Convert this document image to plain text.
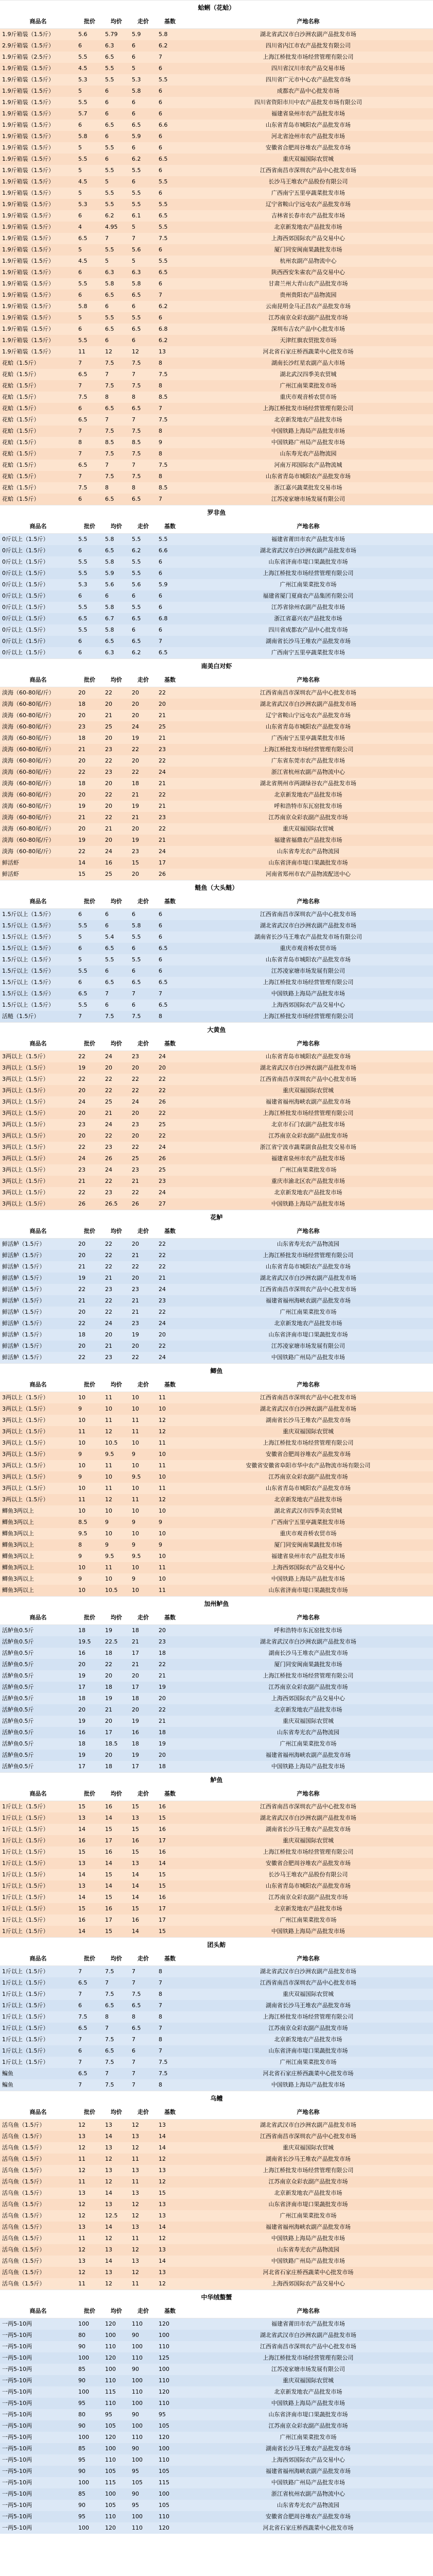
蛤蜊（花蛤）
商品名	批价	均价	走价	基数	产地名称
1.9斤箱装（1.5斤）	5.6	5.79	5.9	5.8	湖北省武汉市白沙洲农副产品批发市场
2.9斤箱装（1.5斤）	6	6.3	6	6.2	四川省内江市农产品批发有限公司
1.9斤箱装（2.5斤）	5.5	6.5	6	7	上海江桥批发市场经营管理有限公司
1.9斤箱装（1.5斤）	4.5	5.5	5	6	四川省汉川市农产品交易市场
1.9斤箱装（1.5斤）	5.3	5.5	5.3	5.5	四川省广元市中心农产品批发市场
1.9斤箱装（1.5斤）	5	6	5.8	6	成都农产品中心批发市场
1.9斤箱装（1.5斤）	5.5	6	6	6	四川省资阳市川中农产品批发市场有限公司
1.9斤箱装（1.5斤）	5.7	6	6	6	福建省泉州市农产品批发市场
1.9斤箱装（1.5斤）	6	6.5	6.5	6.6	山东省青岛市城阳农产品批发市场
1.9斤箱装（1.5斤）	5.8	6	5.9	6	河北省沧州市农产品批发市场
1.9斤箱装（1.5斤）	5	5.5	6	6	安徽省合肥周谷堆农产品批发市场
1.9斤箱装（1.5斤）	5.5	6	6.2	6.5	重庆双福国际农贸城
1.9斤箱装（1.5斤）	5	5.5	5.5	6	江西省南昌市深圳农产品中心批发市场
1.9斤箱装（1.5斤）	4.5	5	6	5.5	长沙马王堆农产品股份有限公司
1.9斤箱装（1.5斤）	5	5.5	5.5	6	广西南宁五里亭蔬菜批发市场
1.9斤箱装（1.5斤）	5.3	5.5	5.5	5.5	辽宁省鞍山宁远屯农产品批发市场
1.9斤箱装（1.5斤）	6	6.2	6.1	6.5	吉林省长春市农产品批发市场
1.9斤箱装（1.5斤）	4	4.95	5	5.5	北京新发地农产品批发市场
1.9斤箱装（1.5斤）	6.5	7	7	7.5	上海西郊国际农产品交易中心
1.9斤箱装（1.5斤）	5	5.5	5.6	6	厦门同安闽南果蔬批发市场
1.9斤箱装（1.5斤）	4.5	5	5	5.5	杭州农副产品物流中心
1.9斤箱装（1.5斤）	6	6.3	6.3	6.5	陕西西安朱雀农产品交易中心
1.9斤箱装（1.5斤）	5.5	5.8	5.8	6	甘肃兰州大青山农产品批发市场
1.9斤箱装（1.5斤）	6	6.5	6.5	7	贵州贵阳农产品物流园
1.9斤箱装（1.5斤）	5.8	6	6	6.2	云南昆明金马正昌农产品批发市场
1.9斤箱装（1.5斤）	5	5.5	5.5	6	江苏南京众彩农副产品批发市场
1.9斤箱装（1.5斤）	6	6.5	6.5	6.8	深圳布吉农产品中心批发市场
1.9斤箱装（1.5斤）	5.5	6	6	6.2	天津红旗农贸批发市场
1.9斤箱装（1.5斤）	11	12	12	13	河北省石家庄桥西蔬菜中心批发市场
花蛤（1.5斤）	7	7.5	7.5	8	湖南长沙红星农副产品大市场
花蛤（1.5斤）	6.5	7	7	7.5	湖北武汉四季美农贸城
花蛤（1.5斤）	7	7.5	7.5	8	广州江南果菜批发市场
花蛤（1.5斤）	7.5	8	8	8.5	重庆市观音桥农贸市场
花蛤（1.5斤）	6	6.5	6.5	7	上海江桥批发市场经营管理有限公司
花蛤（1.5斤）	6.5	7	7	7.5	北京新发地农产品批发市场
花蛤（1.5斤）	7	7.5	7.5	8	中国铁路上海局产品批发市场
花蛤（1.5斤）	8	8.5	8.5	9	中国铁路广州局产品批发市场
花蛤（1.5斤）	7	7.5	7.5	8	山东寿光农产品物流园
花蛤（1.5斤）	6.5	7	7	7.5	河南万邦国际农产品物流城
花蛤（1.5斤）	7	7.5	7.5	8	山东省青岛市城阳农产品批发市场
花蛤（1.5斤）	7.5	8	8	8.5	浙江嘉兴蔬菜批发交易市场
花蛤（1.5斤）	6	6.5	6.5	7	江苏凌家塘市场发展有限公司
罗非鱼
商品名	批价	均价	走价	基数	产地名称
0斤以上（1.5斤）	5.5	5.8	5.5	5.5	福建省莆田市农产品批发市场
0斤以上（1.5斤）	6	6.5	6.2	6.6	湖北省武汉市白沙洲农副产品批发市场
0斤以上（1.5斤）	5.5	5.8	5.5	6	山东省济南市堤口果蔬批发市场
0斤以上（1.5斤）	5.5	5.9	5.5	6	上海江桥批发市场经营管理有限公司
0斤以上（1.5斤）	5.3	5.6	5.6	5.9	广州江南果菜批发市场
0斤以上（1.5斤）	6	6	6	6	福建省厦门夏商农产品集团有限公司
0斤以上（1.5斤）	5.5	5.8	5.5	6	江苏省徐州农副产品批发市场
0斤以上（1.5斤）	6.5	6.7	6.5	6.8	浙江省嘉兴农产品批发市场
0斤以上（1.5斤）	5.5	5.8	6	6	四川省成都农产品中心批发市场
0斤以上（1.5斤）	6	6.5	6.5	7	湖南省长沙马王堆农产品批发市场
0斤以上（1.5斤）	6	6.3	6.2	6.5	广西南宁五里亭蔬菜批发市场
南美白对虾
商品名	批价	均价	走价	基数	产地名称
淡海（60-80尾/斤）	20	22	20	22	江西省南昌市深圳农产品中心批发市场
淡海（60-80尾/斤）	18	20	20	20	湖北省武汉市白沙洲农副产品批发市场
淡海（60-80尾/斤）	20	21	20	21	辽宁省鞍山宁远屯农产品批发市场
淡海（60-80尾/斤）	23	25	24	25	山东省青岛市城阳农产品批发市场
淡海（60-80尾/斤）	18	20	19	21	广西南宁五里亭蔬菜批发市场
淡海（60-80尾/斤）	21	23	22	23	上海江桥批发市场经营管理有限公司
淡海（60-80尾/斤）	20	22	20	22	广东省东莞市农产品批发市场
淡海（60-80尾/斤）	22	23	22	24	浙江省杭州农副产品物流中心
淡海（60-80尾/斤）	18	20	18	21	湖北省荆州市两湖绿谷农产品批发市场
淡海（60-80尾/斤）	20	22	21	22	北京新发地农产品批发市场
淡海（60-80尾/斤）	19	20	19	21	呼和浩特市东瓦窑批发市场
淡海（60-80尾/斤）	21	22	21	23	江苏南京众彩农副产品批发市场
淡海（60-80尾/斤）	20	21	20	22	重庆双福国际农贸城
淡海（60-80尾/斤）	19	20	19	21	福建省福鼎农产品批发市场
淡海（60-80尾/斤）	22	24	23	24	山东省寿光农产品物流园
鲜活虾	14	16	15	17	山东省济南市堤口果蔬批发市场
鲜活虾	15	25	20	26	河南省郑州市农产品物流配送中心
鲢鱼（大头鲢）
商品名	批价	均价	走价	基数	产地名称
1.5斤以上（1.5斤）	6	6	6	6	江西省南昌市深圳农产品中心批发市场
1.5斤以上（1.5斤）	5.5	6	5.8	6	湖北省武汉市白沙洲农副产品批发市场
1.5斤以上（1.5斤）	5	5.4	5.5	6	湖南省长沙马王堆农产品批发市场有限公司
1.5斤以上（1.5斤）	6	6.5	6	6.5	重庆市观音桥农贸市场
1.5斤以上（1.5斤）	5	5.5	5.5	6	山东省青岛市城阳农产品批发市场
1.5斤以上（1.5斤）	5.5	6	6	6	江苏凌家塘市场发展有限公司
1.5斤以上（1.5斤）	6	6.5	6.5	6.5	上海江桥批发市场经营管理有限公司
1.5斤以上（1.5斤）	6.5	7	7	7	中国铁路上海局产品批发市场
1.5斤以上（1.5斤）	5.5	6	6	6.5	上海西郊国际农产品交易中心
活鲢（1.5斤）	7	7.5	7.5	8	上海江桥批发市场经营管理有限公司
大黄鱼
商品名	批价	均价	走价	基数	产地名称
3两以上（1.5斤）	22	24	23	24	山东省青岛市城阳农产品批发市场
3两以上（1.5斤）	19	20	20	20	湖北省武汉市白沙洲农副产品批发市场
3两以上（1.5斤）	22	22	22	22	江西省南昌市深圳农产品中心批发市场
3两以上（1.5斤）	20	22	22	22	重庆双福国际农贸城
3两以上（1.5斤）	24	25	24	26	福建省福州海峡农副产品批发市场
3两以上（1.5斤）	20	21	20	22	上海江桥批发市场经营管理有限公司
3两以上（1.5斤）	23	24	23	25	北京市石门农副产品批发市场
3两以上（1.5斤）	20	22	20	22	江苏南京众彩农副产品批发市场
3两以上（1.5斤）	22	23	22	24	浙江省宁波市蔬菜副食品批发交易市场
3两以上（1.5斤）	24	26	25	26	福建省泉州市农产品批发市场
3两以上（1.5斤）	23	24	23	25	广州江南果菜批发市场
3两以上（1.5斤）	21	22	21	23	重庆市渝北区农产品批发市场
3两以上（1.5斤）	22	23	22	24	北京新发地农产品批发市场
3两以上（1.5斤）	26	26.5	26	27	中国铁路上海局产品批发市场
花鲈
商品名	批价	均价	走价	基数	产地名称
鲜活鲈（1.5斤）	20	22	20	22	山东省寿光农产品物流园
鲜活鲈（1.5斤）	20	22	21	22	上海江桥批发市场经营管理有限公司
鲜活鲈（1.5斤）	21	22	22	22	山东省青岛市城阳农产品批发市场
鲜活鲈（1.5斤）	19	21	20	21	湖北省武汉市白沙洲农副产品批发市场
鲜活鲈（1.5斤）	22	23	23	24	江西省南昌市深圳农产品中心批发市场
鲜活鲈（1.5斤）	21	22	21	23	福建省福州海峡农副产品批发市场
鲜活鲈（1.5斤）	20	22	21	22	广州江南果菜批发市场
鲜活鲈（1.5斤）	22	24	23	24	北京新发地农产品批发市场
鲜活鲈（1.5斤）	18	20	19	20	山东省济南市堤口果蔬批发市场
鲜活鲈（1.5斤）	20	21	20	22	江苏凌家塘市场发展有限公司
鲜活鲈（1.5斤）	22	23	22	24	中国铁路广州局产品批发市场
鲫鱼
商品名	批价	均价	走价	基数	产地名称
3两以上（1.5斤）	10	11	10	11	江西省南昌市深圳农产品中心批发市场
3两以上（1.5斤）	9	10	10	10	湖北省武汉市白沙洲农副产品批发市场
3两以上（1.5斤）	10	11	11	12	湖南省长沙马王堆农产品批发市场
3两以上（1.5斤）	11	12	11	12	重庆双福国际农贸城
3两以上（1.5斤）	10	10.5	10	11	上海江桥批发市场经营管理有限公司
3两以上（1.5斤）	9	9.5	9	10	安徽省合肥周谷堆农产品批发市场
3两以上（1.5斤）	10	11	10	11	安徽省安徽省阜阳市华中农产品物流市场有限公司
3两以上（1.5斤）	9	10	9.5	10	江苏南京众彩农副产品批发市场
3两以上（1.5斤）	10	11	10	11	山东省青岛市城阳农产品批发市场
3两以上（1.5斤）	11	12	11	12	北京新发地农产品批发市场
鲫鱼3两以上	10	10	10	10	湖北省武汉市四季美农贸城
鲫鱼3两以上	8.5	9	9	9	广西南宁五里亭蔬菜批发市场
鲫鱼3两以上	9.5	10	10	10	重庆市观音桥农贸市场
鲫鱼3两以上	8	9	9	9	厦门同安闽南果蔬批发市场
鲫鱼3两以上	9	9.5	9.5	10	福建省泉州市农产品批发市场
鲫鱼3两以上	10	11	10	11	上海西郊国际农产品交易中心
鲫鱼3两以上	9	10	9	10	中国铁路上海局产品批发市场
鲫鱼3两以上	10	10.5	10	11	山东省济南市堤口果蔬批发市场
加州鲈鱼
商品名	批价	均价	走价	基数	产地名称
活鲈鱼0.5斤	18	19	18	20	呼和浩特市东瓦窑批发市场
活鲈鱼0.5斤	19.5	22.5	21	23	湖北省武汉市白沙洲农副产品批发市场
活鲈鱼0.5斤	16	18	17	18	湖南长沙马王堆农产品批发市场
活鲈鱼0.5斤	20	22	21	22	厦门同安闽南果蔬批发市场
活鲈鱼0.5斤	19	20	20	21	上海江桥批发市场经营管理有限公司
活鲈鱼0.5斤	17	18	17	19	江苏南京众彩农副产品批发市场
活鲈鱼0.5斤	18	19	18	20	上海西郊国际农产品交易中心
活鲈鱼0.5斤	20	21	20	22	北京新发地农产品批发市场
活鲈鱼0.5斤	19	20	19	21	重庆双福国际农贸城
活鲈鱼0.5斤	16	17	16	18	山东省寿光农产品物流园
活鲈鱼0.5斤	18	18.5	18	19	广州江南果菜批发市场
活鲈鱼0.5斤	19	20	19	20	福建省福州海峡农副产品批发市场
活鲈鱼0.5斤	17	18	17	18	中国铁路上海局产品批发市场
鲈鱼
商品名	批价	均价	走价	基数	产地名称
1斤以上（1.5斤）	15	16	15	16	江西省南昌市深圳农产品中心批发市场
1斤以上（1.5斤）	13	14	13	15	湖北省武汉市白沙洲农副产品批发市场
1斤以上（1.5斤）	14	15	15	16	湖南省长沙马王堆农产品批发市场
1斤以上（1.5斤）	16	17	16	17	重庆双福国际农贸城
1斤以上（1.5斤）	15	16	15	16	上海江桥批发市场经营管理有限公司
1斤以上（1.5斤）	13	14	13	14	安徽省合肥周谷堆农产品批发市场
1斤以上（1.5斤）	14	15	14	15	长沙马王堆农产品股份有限公司
1斤以上（1.5斤）	13	14	14	15	山东省青岛市城阳农产品批发市场
1斤以上（1.5斤）	14	15	14	16	江苏南京众彩农副产品批发市场
1斤以上（1.5斤）	15	16	15	17	北京新发地农产品批发市场
1斤以上（1.5斤）	16	17	16	17	广州江南果菜批发市场
1斤以上（1.5斤）	14	15	14	15	中国铁路上海局产品批发市场
团头鲂
商品名	批价	均价	走价	基数	产地名称
1斤以上（1.5斤）	7	7.5	7	8	湖北省武汉市白沙洲农副产品批发市场
1斤以上（1.5斤）	6.5	7	7	7	江西省南昌市深圳农产品中心批发市场
1斤以上（1.5斤）	7	7.5	7.5	8	重庆双福国际农贸城
1斤以上（1.5斤）	6	6.5	6.5	7	湖南省长沙马王堆农产品批发市场
1斤以上（1.5斤）	7.5	8	8	8	上海江桥批发市场经营管理有限公司
1斤以上（1.5斤）	6.5	7	6.5	7	江苏南京众彩农副产品批发市场
1斤以上（1.5斤）	7	7.5	7	8	北京新发地农产品批发市场
1斤以上（1.5斤）	6	6.5	6	7	山东省济南市堤口果蔬批发市场
1斤以上（1.5斤）	7	7.5	7	7.5	广州江南果菜批发市场
鳊鱼	6.5	7	7	7.5	河北省石家庄桥西蔬菜中心批发市场
鳊鱼	7	7.5	7	8	中国铁路上海局产品批发市场
乌鳢
商品名	批价	均价	走价	基数	产地名称
活乌鱼（1.5斤）	12	13	12	13	湖北省武汉市白沙洲农副产品批发市场
活乌鱼（1.5斤）	13	14	13	14	江西省南昌市深圳农产品中心批发市场
活乌鱼（1.5斤）	12	13	12	14	重庆双福国际农贸城
活乌鱼（1.5斤）	11	12	11	12	湖南省长沙马王堆农产品批发市场
活乌鱼（1.5斤）	12	13	13	13	上海江桥批发市场经营管理有限公司
活乌鱼（1.5斤）	11	12	11	12	江苏南京众彩农副产品批发市场
活乌鱼（1.5斤）	13	14	13	15	北京新发地农产品批发市场
活乌鱼（1.5斤）	12	13	12	13	山东省济南市堤口果蔬批发市场
活乌鱼（1.5斤）	12	12.5	12	13	广州江南果菜批发市场
活乌鱼（1.5斤）	13	14	13	14	福建省福州海峡农副产品批发市场
活乌鱼（1.5斤）	11	12	11	12	中国铁路上海局产品批发市场
活乌鱼（1.5斤）	12	13	12	13	山东省寿光农产品物流园
活乌鱼（1.5斤）	13	14	13	14	中国铁路广州局产品批发市场
活乌鱼（1.5斤）	12	13	12	13	河北省石家庄桥西蔬菜中心批发市场
活乌鱼（1.5斤）	11	12	11	12	上海西郊国际农产品交易中心
中华绒螯蟹
商品名	批价	均价	走价	基数	产地名称
一两5-10两	100	120	110	120	福建省莆田市农产品批发市场
一两5-10两	80	100	90	100	湖北省武汉市白沙洲农副产品批发市场
一两5-10两	90	110	100	110	江西省南昌市深圳农产品中心批发市场
一两5-10两	100	120	110	125	上海江桥批发市场经营管理有限公司
一两5-10两	85	100	90	100	江苏凌家塘市场发展有限公司
一两5-10两	90	110	100	110	重庆双福国际农贸城
一两5-10两	100	115	110	120	北京新发地农产品批发市场
一两5-10两	95	110	100	110	中国铁路上海局产品批发市场
一两5-10两	80	95	90	95	山东省济南市堤口果蔬批发市场
一两5-10两	90	105	100	105	江苏南京众彩农副产品批发市场
一两5-10两	100	120	110	120	广州江南果菜批发市场
一两5-10两	85	100	90	100	湖南省长沙马王堆农产品批发市场
一两5-10两	95	110	100	110	上海西郊国际农产品交易中心
一两5-10两	90	105	95	105	福建省福州海峡农副产品批发市场
一两5-10两	100	115	105	115	中国铁路广州局产品批发市场
一两5-10两	85	100	90	100	浙江省杭州农副产品物流中心
一两5-10两	90	105	95	105	山东省寿光农产品物流园
一两5-10两	95	110	100	110	安徽省合肥周谷堆农产品批发市场
一两5-10两	100	120	110	120	河北省石家庄桥西蔬菜中心批发市场
